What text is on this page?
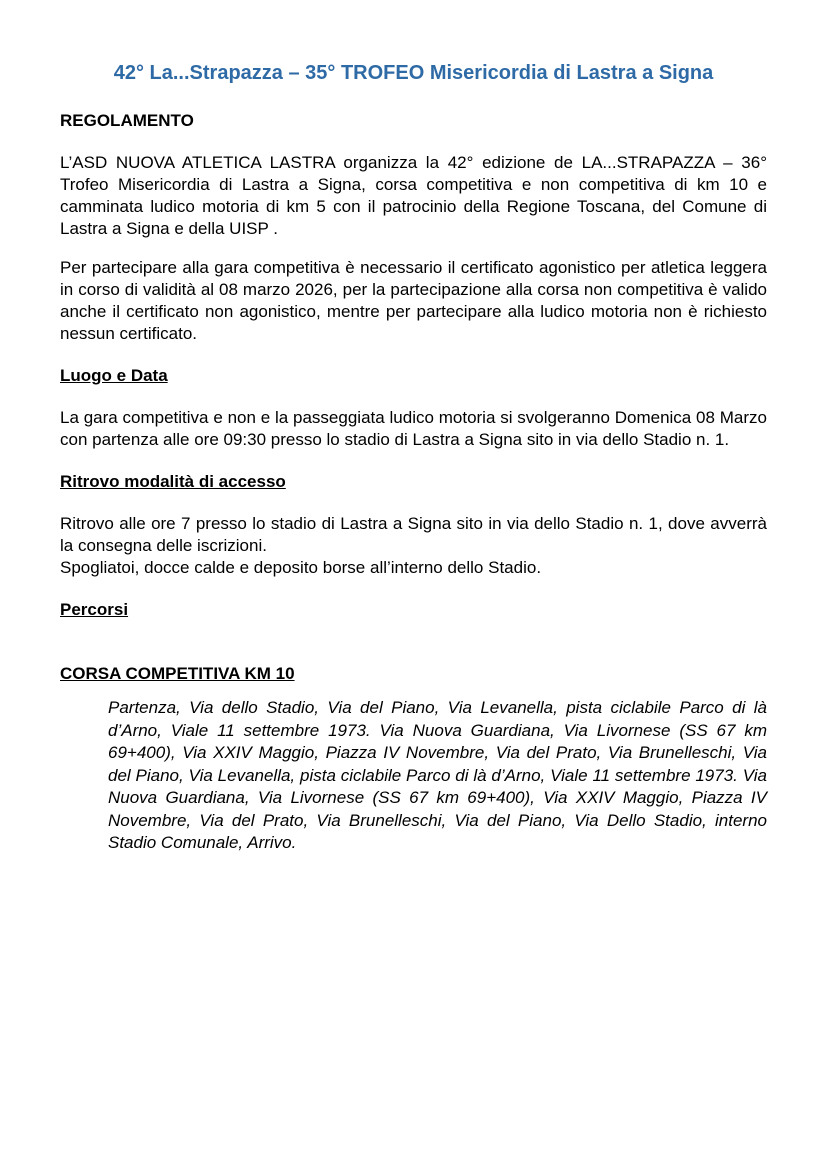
42° La...Strapazza – 35° TROFEO Misericordia di Lastra a Signa
REGOLAMENTO

L’ASD NUOVA ATLETICA LASTRA organizza la 42° edizione de LA...STRAPAZZA – 36° Trofeo Misericordia di Lastra a Signa, corsa competitiva e non competitiva di km 10 e camminata ludico motoria di km 5 con il patrocinio della Regione Toscana, del Comune di Lastra a Signa e della UISP .

Per partecipare alla gara competitiva è necessario il certificato agonistico per atletica leggera in corso di validità al 08 marzo 2026, per la partecipazione alla corsa non competitiva è valido anche il certificato non agonistico, mentre per partecipare alla ludico motoria non è richiesto nessun certificato.

Luogo e Data

La gara competitiva e non e la passeggiata ludico motoria si svolgeranno Domenica 08 Marzo con partenza alle ore 09:30 presso lo stadio di Lastra a Signa sito in via dello Stadio n. 1.

Ritrovo modalità di accesso

Ritrovo alle ore 7 presso lo stadio di Lastra a Signa sito in via dello Stadio n. 1, dove avverrà la consegna delle iscrizioni.
Spogliatoi, docce calde e deposito borse all’interno dello Stadio.

Percorsi
CORSA COMPETITIVA KM 10

Partenza, Via dello Stadio, Via del Piano, Via Levanella, pista ciclabile Parco di là d’Arno, Viale 11 settembre 1973. Via Nuova Guardiana, Via Livornese (SS 67 km 69+400), Via XXIV Maggio, Piazza IV Novembre, Via del Prato, Via Brunelleschi, Via del Piano, Via Levanella, pista ciclabile Parco di là d’Arno, Viale 11 settembre 1973. Via Nuova Guardiana, Via Livornese (SS 67 km 69+400), Via XXIV Maggio, Piazza IV Novembre, Via del Prato, Via Brunelleschi, Via del Piano, Via Dello Stadio, interno Stadio Comunale, Arrivo.
